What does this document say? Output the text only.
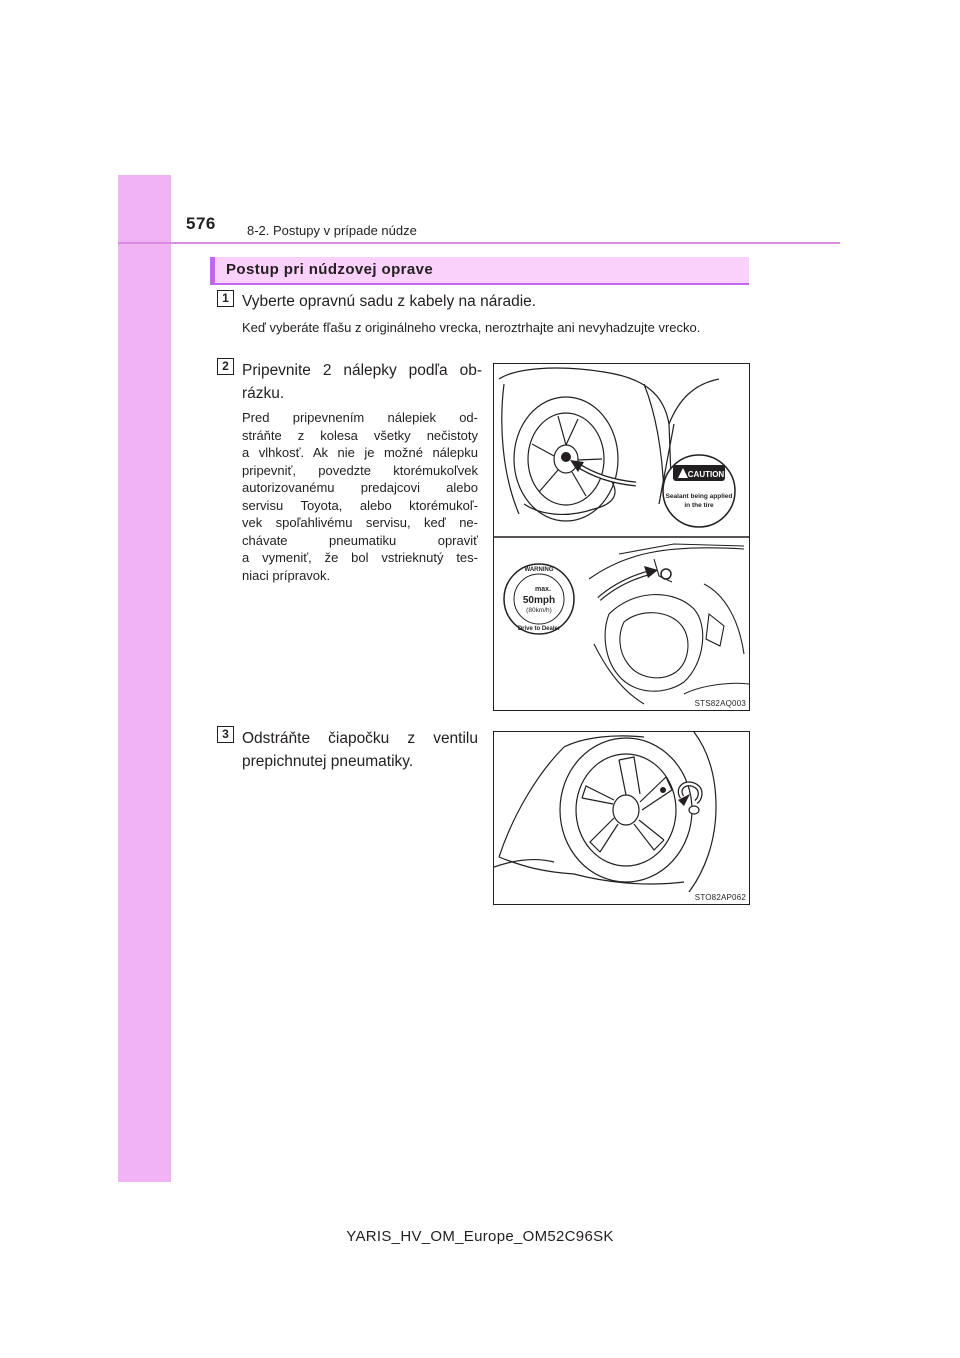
576 8-2. Postupy v prípade núdze
Postup pri núdzovej oprave
1 Vyberte opravnú sadu z kabely na náradie.
Keď vyberáte fľašu z originálneho vrecka, neroztrhajte ani nevyhadzujte vrecko.
2 Pripevnite 2 nálepky podľa ob-
rázku.
Pred pripevnením nálepiek od-
stráňte z kolesa všetky nečistoty
a vlhkosť. Ak nie je možné nálepku
pripevniť, povedzte ktorémukoľvek
autorizovanému predajcovi alebo
servisu Toyota, alebo ktorémukoľ-
vek spoľahlivému servisu, keď ne-
chávate pneumatiku opraviť
a vymeniť, že bol vstrieknutý tes-
niaci prípravok.
CAUTION
Sealant being applied
in the tire
WARNING
max.
50mph
(80km/h)
Drive to Dealer
STS82AQ003
3 Odstráňte čiapočku z ventilu
prepichnutej pneumatiky.
STO82AP062
YARIS_HV_OM_Europe_OM52C96SK
